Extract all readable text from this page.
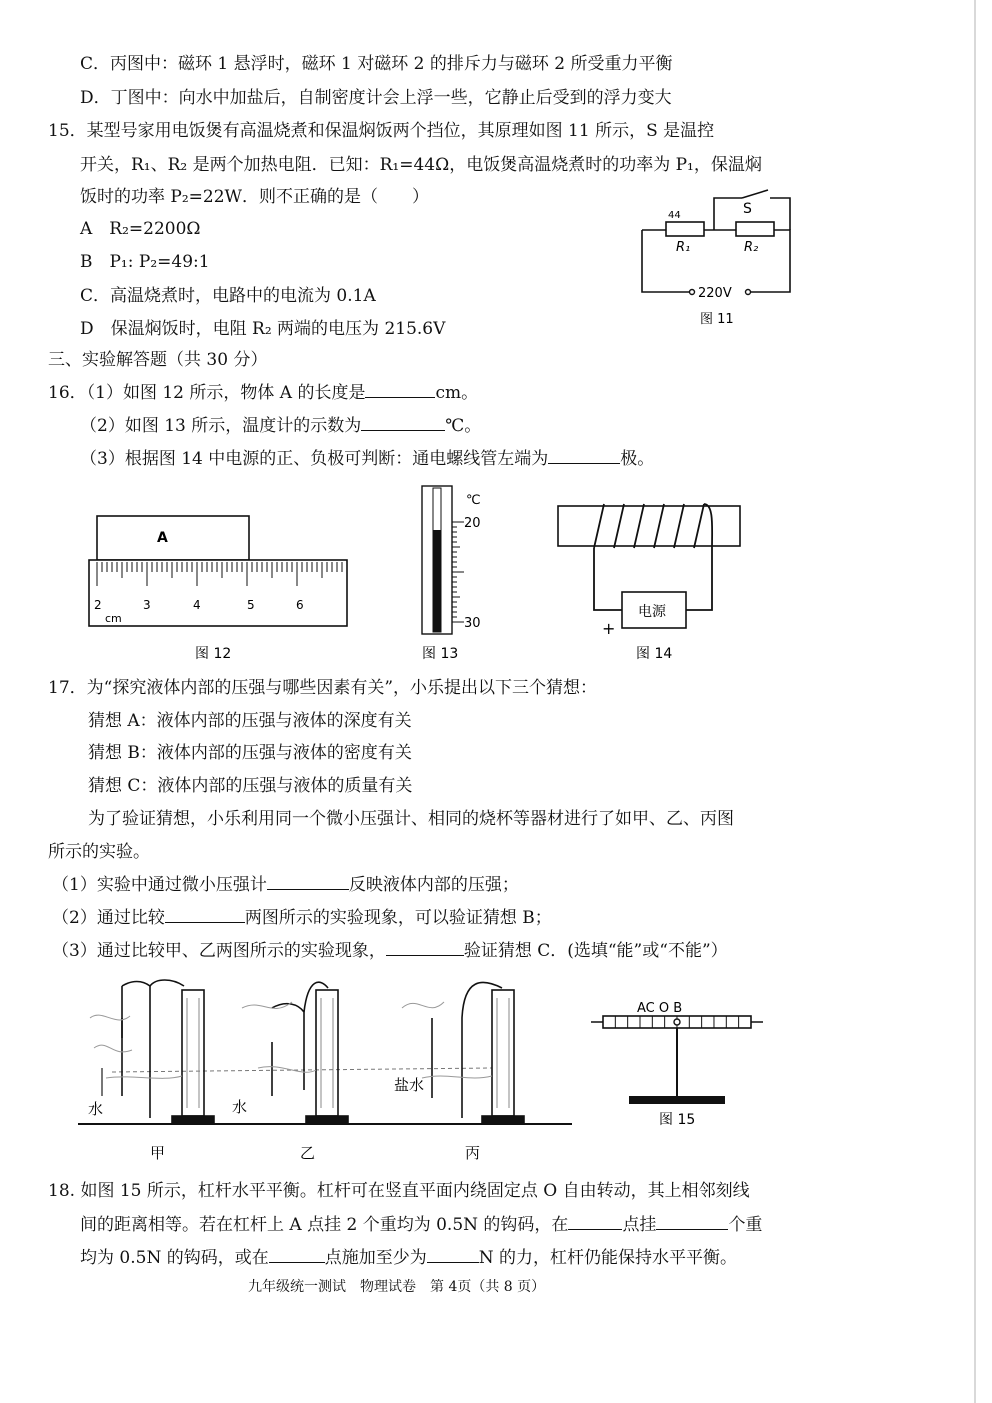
C．丙图中：磁环 1 悬浮时，磁环 1 对磁环 2 的排斥力与磁环 2 所受重力平衡
D．丁图中：向水中加盐后，自制密度计会上浮一些，它静止后受到的浮力变大
15．某型号家用电饭煲有高温烧煮和保温焖饭两个挡位，其原理如图 11 所示，S 是温控
开关，R₁、R₂ 是两个加热电阻．已知：R₁=44Ω，电饭煲高温烧煮时的功率为 P₁，保温焖
饭时的功率 P₂=22W．则不正确的是（　　）
A　R₂=2200Ω
B　P₁: P₂=49:1
C．高温烧煮时，电路中的电流为 0.1A
D　保温焖饭时，电阻 R₂ 两端的电压为 215.6V
S
44
R₁	R₂
220V
图 11
三、实验解答题（共 30 分）
16．（1）如图 12 所示，物体 A 的长度是	cm。
（2）如图 13 所示，温度计的示数为	℃。
（3）根据图 14 中电源的正、负极可判断：通电螺线管左端为	极。
A
2	3	4	5	6
cm
图 12
℃
20
30
图 13
电源
+
图 14
17．为“探究液体内部的压强与哪些因素有关”，小乐提出以下三个猜想：
猜想 A：液体内部的压强与液体的深度有关
猜想 B：液体内部的压强与液体的密度有关
猜想 C：液体内部的压强与液体的质量有关
为了验证猜想，小乐利用同一个微小压强计、相同的烧杯等器材进行了如甲、乙、丙图
所示的实验。
（1）实验中通过微小压强计	反映液体内部的压强；
（2）通过比较	两图所示的实验现象，可以验证猜想 B；
（3）通过比较甲、乙两图所示的实验现象，	验证猜想 C．(选填“能”或“不能”）
水	水
盐水
甲	乙	丙
AC O B
图 15
18. 如图 15 所示，杠杆水平平衡。杠杆可在竖直平面内绕固定点 O 自由转动，其上相邻刻线
间的距离相等。若在杠杆上 A 点挂 2 个重均为 0.5N 的钩码，在	点挂	个重
均为 0.5N 的钩码，或在	点施加至少为	N 的力，杠杆仍能保持水平平衡。
九年级统一测试　物理试卷　第 4页（共 8 页）
